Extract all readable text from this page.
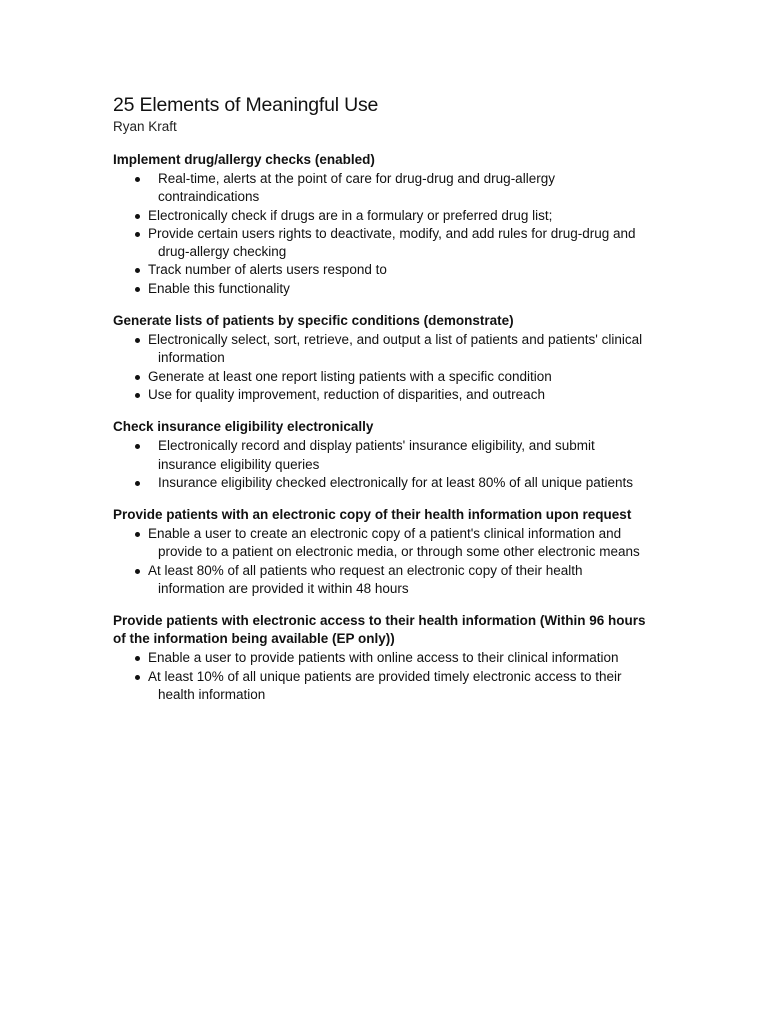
25 Elements of Meaningful Use

Ryan Kraft

Implement drug/allergy checks (enabled)
Real-time, alerts at the point of care for drug-drug and drug-allergy contraindications
Electronically check if drugs are in a formulary or preferred drug list;
Provide certain users rights to deactivate, modify, and add rules for drug-drug and drug-allergy checking
Track number of alerts users respond to
Enable this functionality
Generate lists of patients by specific conditions (demonstrate)
Electronically select, sort, retrieve, and output a list of patients and patients' clinical information
Generate at least one report listing patients with a specific condition
Use for quality improvement, reduction of disparities, and outreach
Check insurance eligibility electronically
Electronically record and display patients' insurance eligibility, and submit insurance eligibility queries
Insurance eligibility checked electronically for at least 80% of all unique patients
Provide patients with an electronic copy of their health information upon request
Enable a user to create an electronic copy of a patient's clinical information and provide to a patient on electronic media, or through some other electronic means
At least 80% of all patients who request an electronic copy of their health information are provided it within 48 hours
Provide patients with electronic access to their health information (Within 96 hours of the information being available (EP only))
Enable a user to provide patients with online access to their clinical information
At least 10% of all unique patients are provided timely electronic access to their health information
